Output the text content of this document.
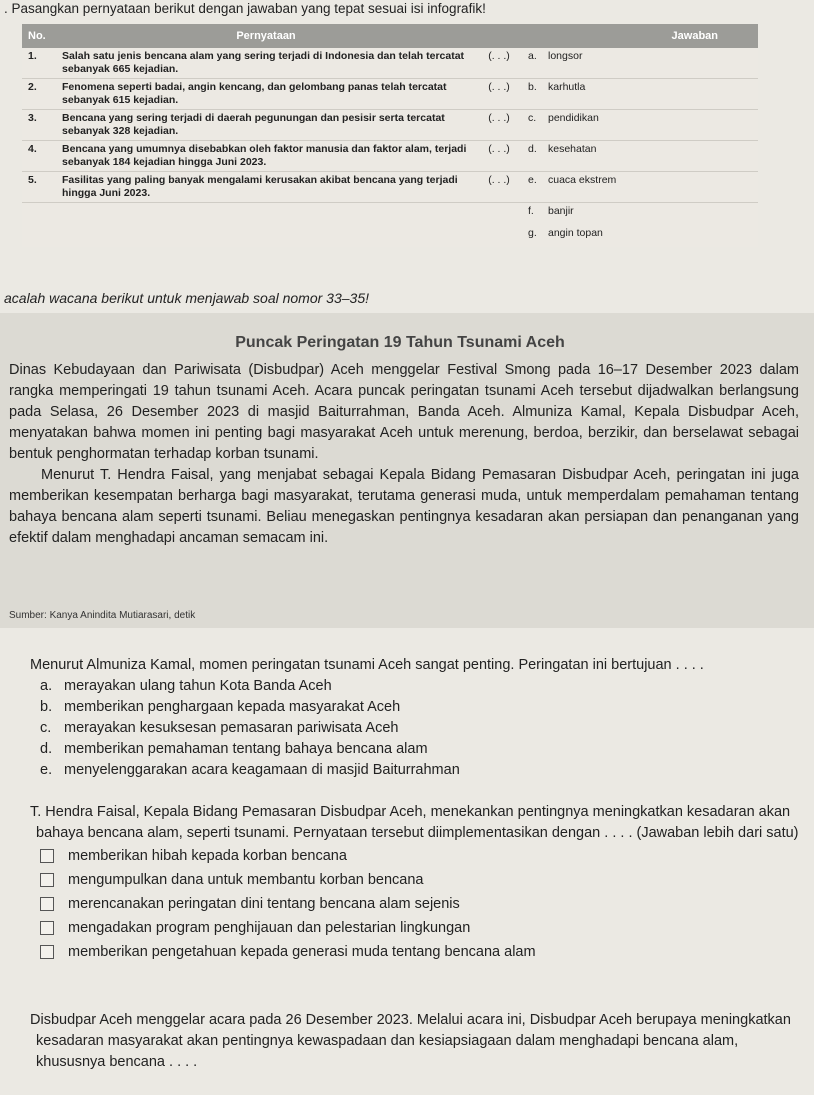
. Pasangkan pernyataan berikut dengan jawaban yang tepat sesuai isi infografik!
No.	Pernyataan		Jawaban
1.	Salah satu jenis bencana alam yang sering terjadi di Indonesia dan telah tercatat sebanyak 665 kejadian.	(. . .)	a. longsor
2.	Fenomena seperti badai, angin kencang, dan gelombang panas telah tercatat sebanyak 615 kejadian.	(. . .)	b. karhutla
3.	Bencana yang sering terjadi di daerah pegunungan dan pesisir serta tercatat sebanyak 328 kejadian.	(. . .)	c. pendidikan
4.	Bencana yang umumnya disebabkan oleh faktor manusia dan faktor alam, terjadi sebanyak 184 kejadian hingga Juni 2023.	(. . .)	d. kesehatan
5.	Fasilitas yang paling banyak mengalami kerusakan akibat bencana yang terjadi hingga Juni 2023.	(. . .)	e. cuaca ekstrem
			f. banjir
			g. angin topan
acalah wacana berikut untuk menjawab soal nomor 33–35!
Puncak Peringatan 19 Tahun Tsunami Aceh

Dinas Kebudayaan dan Pariwisata (Disbudpar) Aceh menggelar Festival Smong pada 16–17 Desember 2023 dalam rangka memperingati 19 tahun tsunami Aceh. Acara puncak peringatan tsunami Aceh tersebut dijadwalkan berlangsung pada Selasa, 26 Desember 2023 di masjid Baiturrahman, Banda Aceh. Almuniza Kamal, Kepala Disbudpar Aceh, menyatakan bahwa momen ini penting bagi masyarakat Aceh untuk merenung, berdoa, berzikir, dan berselawat sebagai bentuk penghormatan terhadap korban tsunami.

Menurut T. Hendra Faisal, yang menjabat sebagai Kepala Bidang Pemasaran Disbudpar Aceh, peringatan ini juga memberikan kesempatan berharga bagi masyarakat, terutama generasi muda, untuk memperdalam pemahaman tentang bahaya bencana alam seperti tsunami. Beliau menegaskan pentingnya kesadaran akan persiapan dan penanganan yang efektif dalam menghadapi ancaman semacam ini.

Sumber: Kanya Anindita Mutiarasari, detik
Menurut Almuniza Kamal, momen peringatan tsunami Aceh sangat penting. Peringatan ini bertujuan . . . .
a. merayakan ulang tahun Kota Banda Aceh
b. memberikan penghargaan kepada masyarakat Aceh
c. merayakan kesuksesan pemasaran pariwisata Aceh
d. memberikan pemahaman tentang bahaya bencana alam
e. menyelenggarakan acara keagamaan di masjid Baiturrahman
T. Hendra Faisal, Kepala Bidang Pemasaran Disbudpar Aceh, menekankan pentingnya meningkatkan kesadaran akan bahaya bencana alam, seperti tsunami. Pernyataan tersebut diimplementasikan dengan . . . . (Jawaban lebih dari satu)
memberikan hibah kepada korban bencana
mengumpulkan dana untuk membantu korban bencana
merencanakan peringatan dini tentang bencana alam sejenis
mengadakan program penghijauan dan pelestarian lingkungan
memberikan pengetahuan kepada generasi muda tentang bencana alam
Disbudpar Aceh menggelar acara pada 26 Desember 2023. Melalui acara ini, Disbudpar Aceh berupaya meningkatkan kesadaran masyarakat akan pentingnya kewaspadaan dan kesiapsiagaan dalam menghadapi bencana alam, khususnya bencana . . . .
